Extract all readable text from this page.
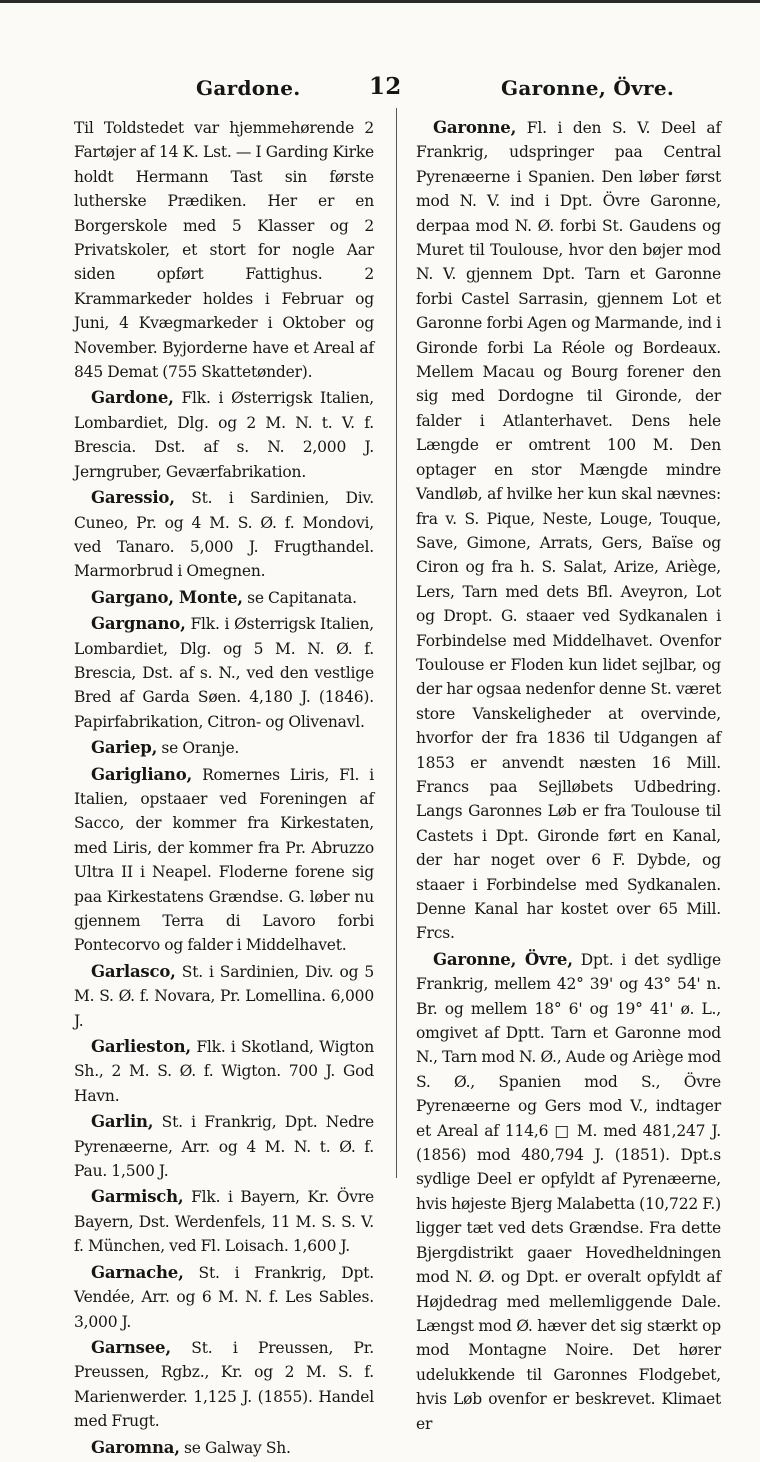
Gardone.	12	Garonne, Övre.

Til Toldstedet var hjemmehørende 2 Fartøjer af 14 K. Lst. — I Garding Kirke holdt Hermann Tast sin første lutherske Prædiken. Her er en Borgerskole med 5 Klasser og 2 Privatskoler, et stort for nogle Aar siden opført Fattighus. 2 Krammarkeder holdes i Februar og Juni, 4 Kvægmarkeder i Oktober og November. Byjorderne have et Areal af 845 Demat (755 Skattetønder).

Gardone, Flk. i Østerrigsk Italien, Lombardiet, Dlg. og 2 M. N. t. V. f. Brescia. Dst. af s. N. 2,000 J. Jerngruber, Geværfabrikation.

Garessio, St. i Sardinien, Div. Cuneo, Pr. og 4 M. S. Ø. f. Mondovi, ved Tanaro. 5,000 J. Frugthandel. Marmorbrud i Omegnen.

Gargano, Monte, se Capitanata.

Gargnano, Flk. i Østerrigsk Italien, Lombardiet, Dlg. og 5 M. N. Ø. f. Brescia, Dst. af s. N., ved den vestlige Bred af Garda Søen. 4,180 J. (1846). Papirfabrikation, Citron- og Olivenavl.

Gariep, se Oranje.

Garigliano, Romernes Liris, Fl. i Italien, opstaaer ved Foreningen af Sacco, der kommer fra Kirkestaten, med Liris, der kommer fra Pr. Abruzzo Ultra II i Neapel. Floderne forene sig paa Kirkestatens Grændse. G. løber nu gjennem Terra di Lavoro forbi Pontecorvo og falder i Middelhavet.

Garlasco, St. i Sardinien, Div. og 5 M. S. Ø. f. Novara, Pr. Lomellina. 6,000 J.

Garlieston, Flk. i Skotland, Wigton Sh., 2 M. S. Ø. f. Wigton. 700 J. God Havn.

Garlin, St. i Frankrig, Dpt. Nedre Pyrenæerne, Arr. og 4 M. N. t. Ø. f. Pau. 1,500 J.

Garmisch, Flk. i Bayern, Kr. Övre Bayern, Dst. Werdenfels, 11 M. S. S. V. f. München, ved Fl. Loisach. 1,600 J.

Garnache, St. i Frankrig, Dpt. Vendée, Arr. og 6 M. N. f. Les Sables. 3,000 J.

Garnsee, St. i Preussen, Pr. Preussen, Rgbz., Kr. og 2 M. S. f. Marienwerder. 1,125 J. (1855). Handel med Frugt.

Garomna, se Galway Sh.

Garonne, Fl. i den S. V. Deel af Frankrig, udspringer paa Central Pyrenæerne i Spanien. Den løber først mod N. V. ind i Dpt. Övre Garonne, derpaa mod N. Ø. forbi St. Gaudens og Muret til Toulouse, hvor den bøjer mod N. V. gjennem Dpt. Tarn et Garonne forbi Castel Sarrasin, gjennem Lot et Garonne forbi Agen og Marmande, ind i Gironde forbi La Réole og Bordeaux. Mellem Macau og Bourg forener den sig med Dordogne til Gironde, der falder i Atlanterhavet. Dens hele Længde er omtrent 100 M. Den optager en stor Mængde mindre Vandløb, af hvilke her kun skal nævnes: fra v. S. Pique, Neste, Louge, Touque, Save, Gimone, Arrats, Gers, Baïse og Ciron og fra h. S. Salat, Arize, Ariège, Lers, Tarn med dets Bfl. Aveyron, Lot og Dropt. G. staaer ved Sydkanalen i Forbindelse med Middelhavet. Ovenfor Toulouse er Floden kun lidet sejlbar, og der har ogsaa nedenfor denne St. været store Vanskeligheder at overvinde, hvorfor der fra 1836 til Udgangen af 1853 er anvendt næsten 16 Mill. Francs paa Sejlløbets Udbedring. Langs Garonnes Løb er fra Toulouse til Castets i Dpt. Gironde ført en Kanal, der har noget over 6 F. Dybde, og staaer i Forbindelse med Sydkanalen. Denne Kanal har kostet over 65 Mill. Frcs.

Garonne, Övre, Dpt. i det sydlige Frankrig, mellem 42° 39' og 43° 54' n. Br. og mellem 18° 6' og 19° 41' ø. L., omgivet af Dptt. Tarn et Garonne mod N., Tarn mod N. Ø., Aude og Ariège mod S. Ø., Spanien mod S., Övre Pyrenæerne og Gers mod V., indtager et Areal af 114,6 □ M. med 481,247 J. (1856) mod 480,794 J. (1851). Dpt.s sydlige Deel er opfyldt af Pyrenæerne, hvis højeste Bjerg Malabetta (10,722 F.) ligger tæt ved dets Grændse. Fra dette Bjergdistrikt gaaer Hovedheldningen mod N. Ø. og Dpt. er overalt opfyldt af Højdedrag med mellemliggende Dale. Længst mod Ø. hæver det sig stærkt op mod Montagne Noire. Det hører udelukkende til Garonnes Flodgebet, hvis Løb ovenfor er beskrevet. Klimaet er
